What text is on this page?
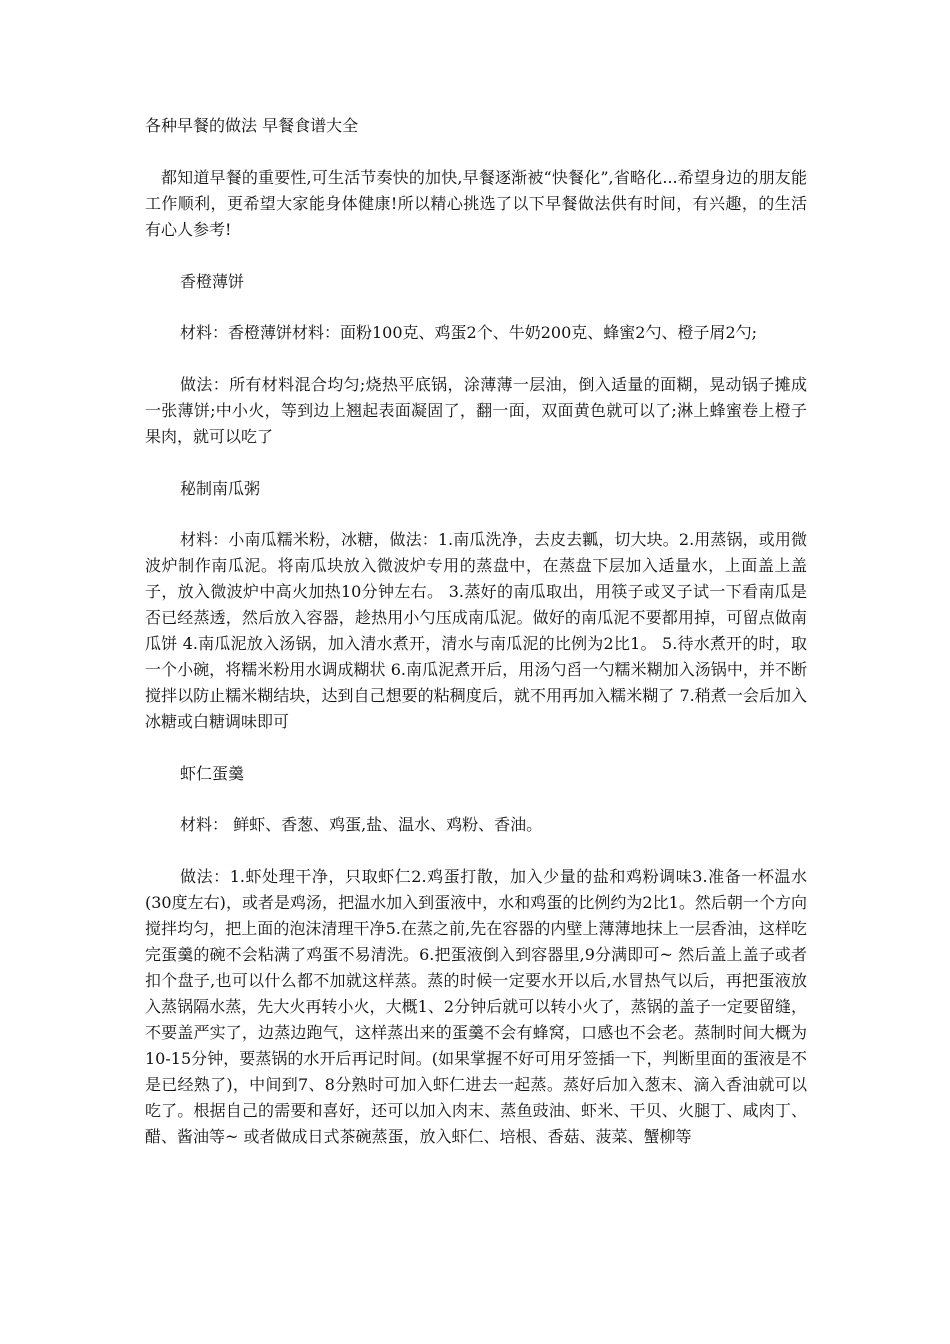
各种早餐的做法 早餐食谱大全

都知道早餐的重要性,可生活节奏快的加快,早餐逐渐被“快餐化”,省略化...希望身边的朋友能工作顺利，更希望大家能身体健康!所以精心挑选了以下早餐做法供有时间，有兴趣，的生活有心人参考!

香橙薄饼

材料：香橙薄饼材料：面粉100克、鸡蛋2个、牛奶200克、蜂蜜2勺、橙子屑2勺;

做法：所有材料混合均匀;烧热平底锅，涂薄薄一层油，倒入适量的面糊，晃动锅子摊成一张薄饼;中小火，等到边上翘起表面凝固了，翻一面，双面黄色就可以了;淋上蜂蜜卷上橙子果肉，就可以吃了

秘制南瓜粥

材料：小南瓜糯米粉，冰糖，做法：1.南瓜洗净，去皮去瓤，切大块。2.用蒸锅，或用微波炉制作南瓜泥。将南瓜块放入微波炉专用的蒸盘中，在蒸盘下层加入适量水，上面盖上盖子，放入微波炉中高火加热10分钟左右。 3.蒸好的南瓜取出，用筷子或叉子试一下看南瓜是否已经蒸透，然后放入容器，趁热用小勺压成南瓜泥。做好的南瓜泥不要都用掉，可留点做南瓜饼 4.南瓜泥放入汤锅，加入清水煮开，清水与南瓜泥的比例为2比1。 5.待水煮开的时，取一个小碗，将糯米粉用水调成糊状 6.南瓜泥煮开后，用汤勺舀一勺糯米糊加入汤锅中，并不断搅拌以防止糯米糊结块，达到自己想要的粘稠度后，就不用再加入糯米糊了 7.稍煮一会后加入冰糖或白糖调味即可

虾仁蛋羹

材料： 鲜虾、香葱、鸡蛋,盐、温水、鸡粉、香油。

做法：1.虾处理干净，只取虾仁2.鸡蛋打散，加入少量的盐和鸡粉调味3.准备一杯温水(30度左右)，或者是鸡汤，把温水加入到蛋液中，水和鸡蛋的比例约为2比1。然后朝一个方向搅拌均匀，把上面的泡沫清理干净5.在蒸之前,先在容器的内壁上薄薄地抹上一层香油，这样吃完蛋羹的碗不会粘满了鸡蛋不易清洗。6.把蛋液倒入到容器里,9分满即可~ 然后盖上盖子或者扣个盘子,也可以什么都不加就这样蒸。蒸的时候一定要水开以后,水冒热气以后，再把蛋液放入蒸锅隔水蒸，先大火再转小火，大概1、2分钟后就可以转小火了，蒸锅的盖子一定要留缝，不要盖严实了，边蒸边跑气，这样蒸出来的蛋羹不会有蜂窝，口感也不会老。蒸制时间大概为10-15分钟，要蒸锅的水开后再记时间。(如果掌握不好可用牙签插一下，判断里面的蛋液是不是已经熟了)，中间到7、8分熟时可加入虾仁进去一起蒸。蒸好后加入葱末、滴入香油就可以吃了。根据自己的需要和喜好，还可以加入肉末、蒸鱼豉油、虾米、干贝、火腿丁、咸肉丁、醋、酱油等~ 或者做成日式茶碗蒸蛋，放入虾仁、培根、香菇、菠菜、蟹柳等
